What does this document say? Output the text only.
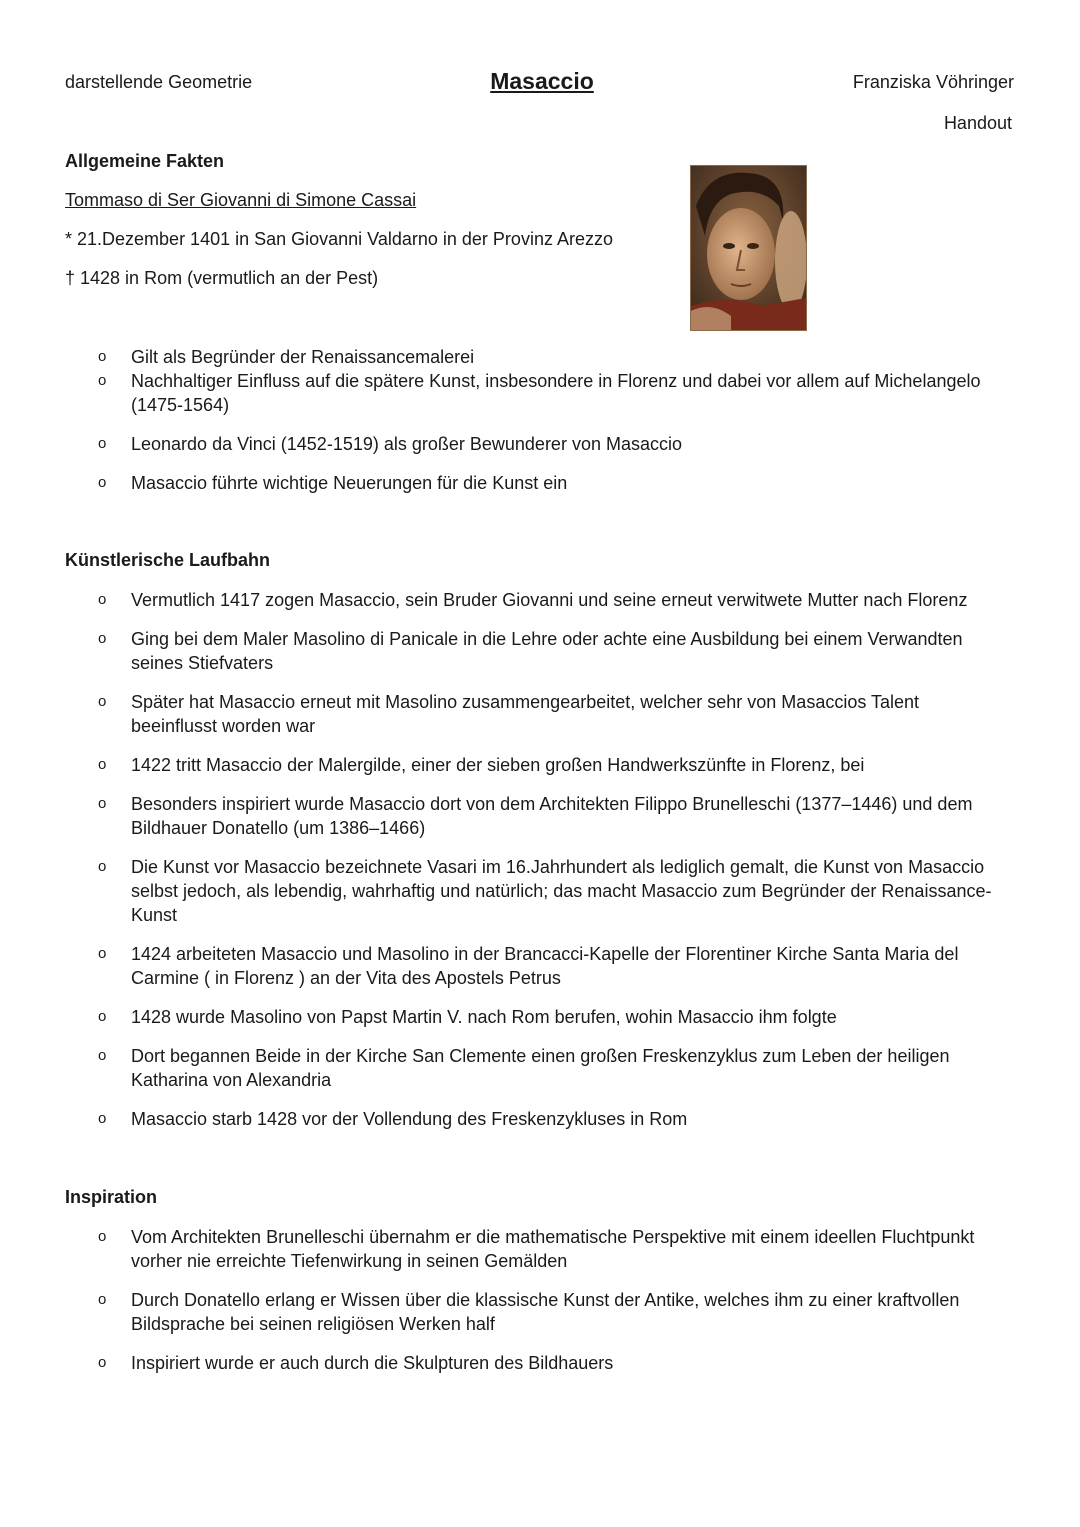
darstellende Geometrie	Masaccio	Franziska Vöhringer
Handout
Allgemeine Fakten
Tommaso di Ser Giovanni di Simone Cassai
* 21.Dezember 1401 in San Giovanni Valdarno in der Provinz Arezzo
† 1428 in Rom (vermutlich an der Pest)
o Gilt als Begründer der Renaissancemalerei
o Nachhaltiger Einfluss auf die spätere Kunst, insbesondere in Florenz und dabei vor allem auf Michelangelo (1475-1564)
o Leonardo da Vinci (1452-1519) als großer Bewunderer von Masaccio
o Masaccio führte wichtige Neuerungen für die Kunst ein
Künstlerische Laufbahn
o Vermutlich 1417 zogen Masaccio, sein Bruder Giovanni und seine erneut verwitwete Mutter nach Florenz
o Ging bei dem Maler Masolino di Panicale in die Lehre oder achte eine Ausbildung bei einem Verwandten seines Stiefvaters
o Später hat Masaccio erneut mit Masolino zusammengearbeitet, welcher sehr von Masaccios Talent beeinflusst worden war
o 1422 tritt Masaccio der Malergilde, einer der sieben großen Handwerkszünfte in Florenz, bei
o Besonders inspiriert wurde Masaccio dort von dem Architekten Filippo Brunelleschi (1377–1446) und dem Bildhauer Donatello (um 1386–1466)
o Die Kunst vor Masaccio bezeichnete Vasari im 16.Jahrhundert als lediglich gemalt, die Kunst von Masaccio selbst jedoch, als lebendig, wahrhaftig und natürlich; das macht Masaccio zum Begründer der Renaissance-Kunst
o 1424 arbeiteten Masaccio und Masolino in der Brancacci-Kapelle der Florentiner Kirche Santa Maria del Carmine ( in Florenz ) an der Vita des Apostels Petrus
o 1428 wurde Masolino von Papst Martin V. nach Rom berufen, wohin Masaccio ihm folgte
o Dort begannen Beide in der Kirche San Clemente einen großen Freskenzyklus zum Leben der heiligen Katharina von Alexandria
o Masaccio starb 1428 vor der Vollendung des Freskenzykluses in Rom
Inspiration
o Vom Architekten Brunelleschi übernahm er die mathematische Perspektive mit einem ideellen Fluchtpunkt vorher nie erreichte Tiefenwirkung in seinen Gemälden
o Durch Donatello erlang er Wissen über die klassische Kunst der Antike, welches ihm zu einer kraftvollen Bildsprache bei seinen religiösen Werken half
o Inspiriert wurde er auch durch die Skulpturen des Bildhauers
